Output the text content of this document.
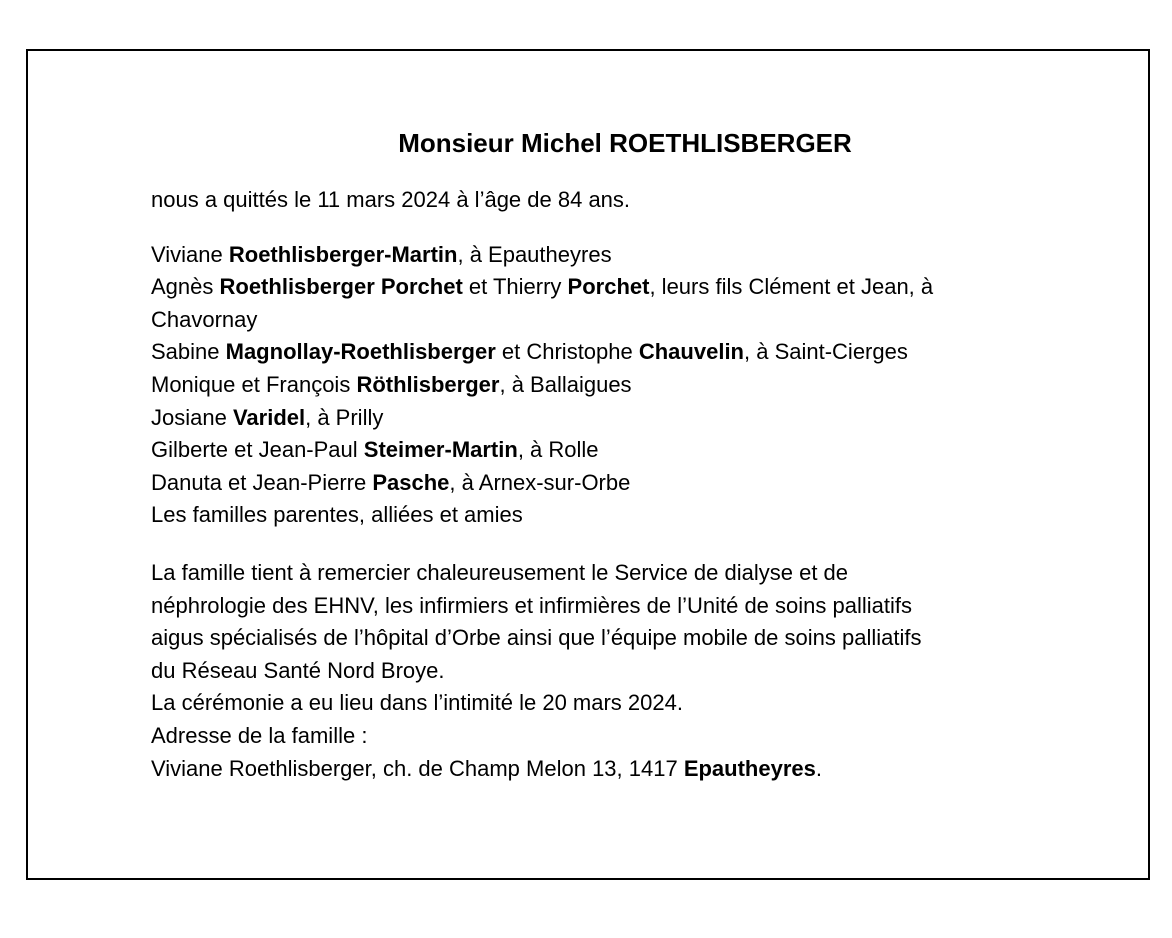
Monsieur Michel ROETHLISBERGER

nous a quittés le 11 mars 2024 à l’âge de 84 ans.

Viviane Roethlisberger-Martin, à Epautheyres
Agnès Roethlisberger Porchet et Thierry Porchet, leurs fils Clément et Jean, à Chavornay
Sabine Magnollay-Roethlisberger et Christophe Chauvelin, à Saint-Cierges
Monique et François Röthlisberger, à Ballaigues
Josiane Varidel, à Prilly
Gilberte et Jean-Paul Steimer-Martin, à Rolle
Danuta et Jean-Pierre Pasche, à Arnex-sur-Orbe
Les familles parentes, alliées et amies

La famille tient à remercier chaleureusement le Service de dialyse et de néphrologie des EHNV, les infirmiers et infirmières de l’Unité de soins palliatifs aigus spécialisés de l’hôpital d’Orbe ainsi que l’équipe mobile de soins palliatifs du Réseau Santé Nord Broye.

La cérémonie a eu lieu dans l’intimité le 20 mars 2024.

Adresse de la famille :

Viviane Roethlisberger, ch. de Champ Melon 13, 1417 Epautheyres.
